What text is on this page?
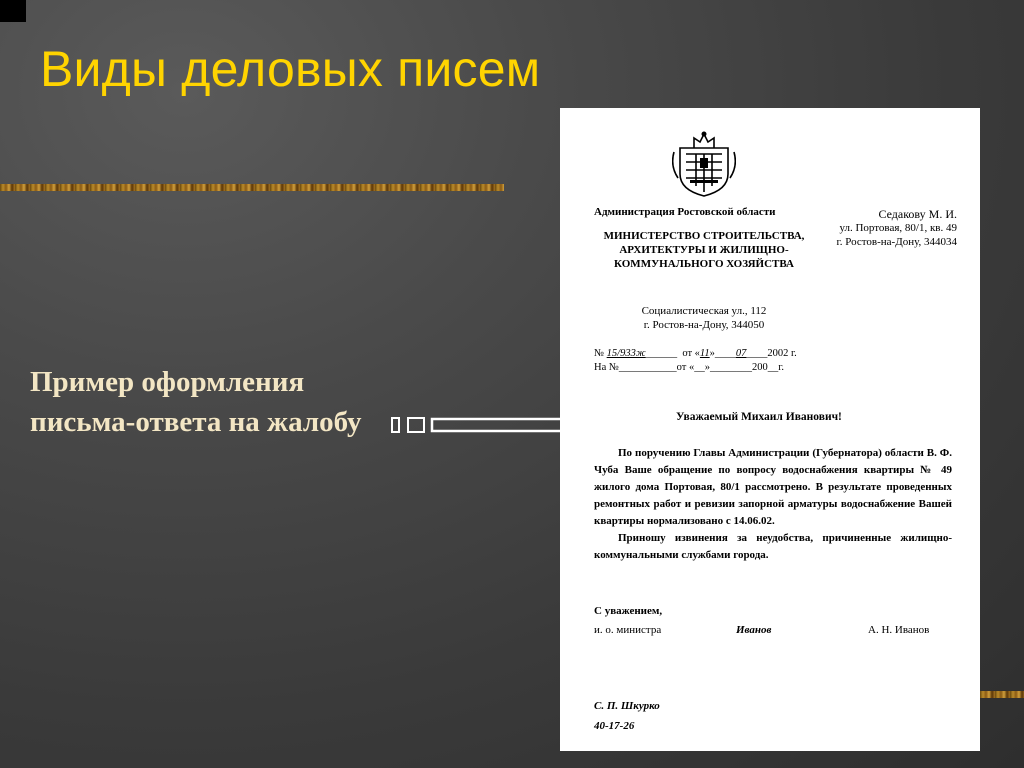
Виды деловых писем
Пример оформления письма-ответа на жалобу
Администрация Ростовской области
МИНИСТЕРСТВО СТРОИТЕЛЬСТВА, АРХИТЕКТУРЫ И ЖИЛИЩНО-КОММУНАЛЬНОГО ХОЗЯЙСТВА
Социалистическая ул., 112
г. Ростов-на-Дону, 344050
Седакову М. И.
ул. Портовая, 80/1, кв. 49
г. Ростов-на-Дону, 344034
№ 15/933ж______ от «11»____07____2002 г.
На №___________от «__»________200__г.
Уважаемый Михаил Иванович!

По поручению Главы Администрации (Губернатора) области В. Ф. Чуба Ваше обращение по вопросу водоснабжения квартиры № 49 жилого дома Портовая, 80/1 рассмотрено. В результате проведенных ремонтных работ и ревизии запорной арматуры водоснабжение Вашей квартиры нормализовано с 14.06.02.

Приношу извинения за неудобства, причиненные жилищно-коммунальными службами города.

С уважением,
и. о. министра	Иванов	А. Н. Иванов
С. П. Шкурко
40-17-26
